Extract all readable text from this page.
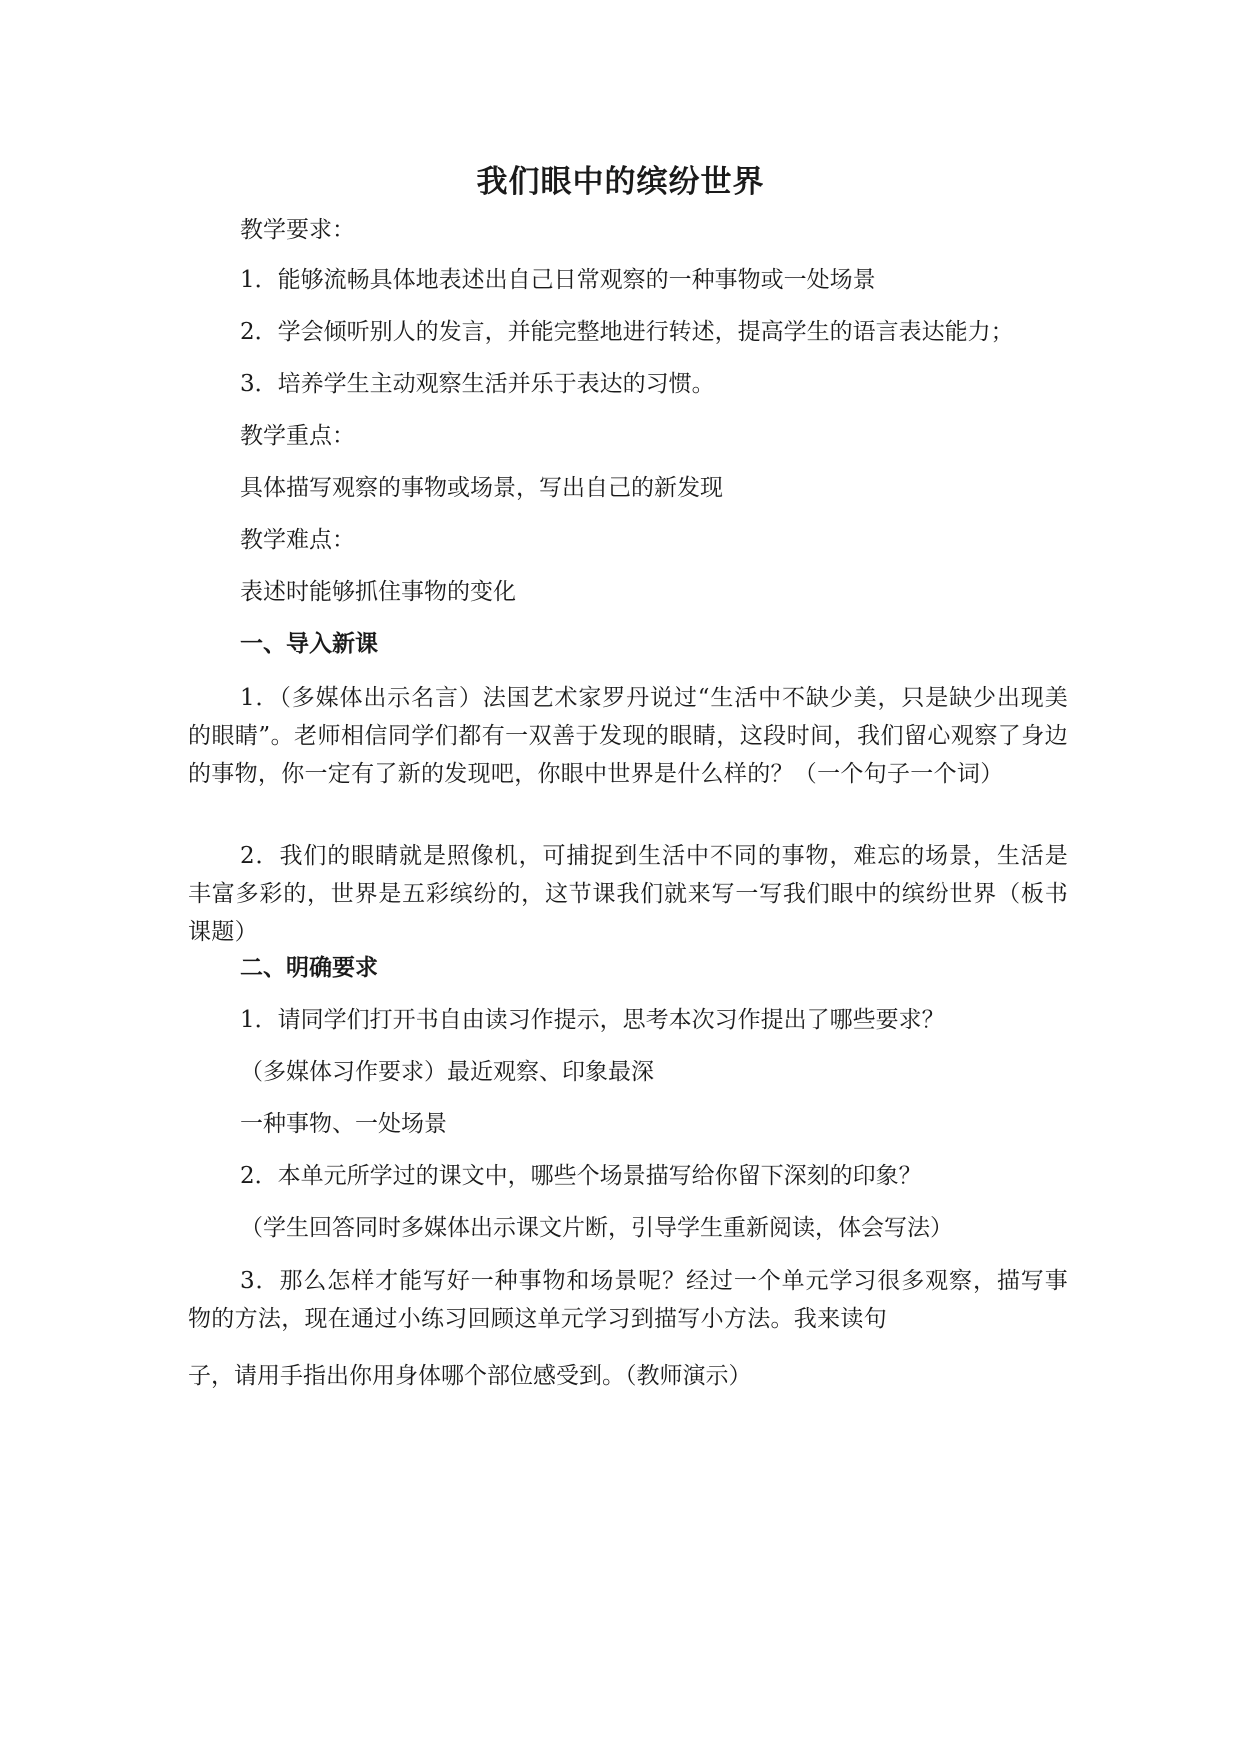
我们眼中的缤纷世界
教学要求：
1．能够流畅具体地表述出自己日常观察的一种事物或一处场景
2．学会倾听别人的发言，并能完整地进行转述，提高学生的语言表达能力；
3．培养学生主动观察生活并乐于表达的习惯。
教学重点：
具体描写观察的事物或场景，写出自己的新发现
教学难点：
表述时能够抓住事物的变化
一、导入新课
1．（多媒体出示名言）法国艺术家罗丹说过“生活中不缺少美，只是缺少出现美的眼睛”。老师相信同学们都有一双善于发现的眼睛，这段时间，我们留心观察了身边的事物，你一定有了新的发现吧，你眼中世界是什么样的？（一个句子一个词）
2．我们的眼睛就是照像机，可捕捉到生活中不同的事物，难忘的场景，生活是丰富多彩的，世界是五彩缤纷的，这节课我们就来写一写我们眼中的缤纷世界（板书课题）
二、明确要求
1．请同学们打开书自由读习作提示，思考本次习作提出了哪些要求？
（多媒体习作要求）最近观察、印象最深
一种事物、一处场景
2．本单元所学过的课文中，哪些个场景描写给你留下深刻的印象？
（学生回答同时多媒体出示课文片断，引导学生重新阅读，体会写法）
3．那么怎样才能写好一种事物和场景呢？经过一个单元学习很多观察，描写事物的方法，现在通过小练习回顾这单元学习到描写小方法。我来读句
子，请用手指出你用身体哪个部位感受到。（教师演示）
